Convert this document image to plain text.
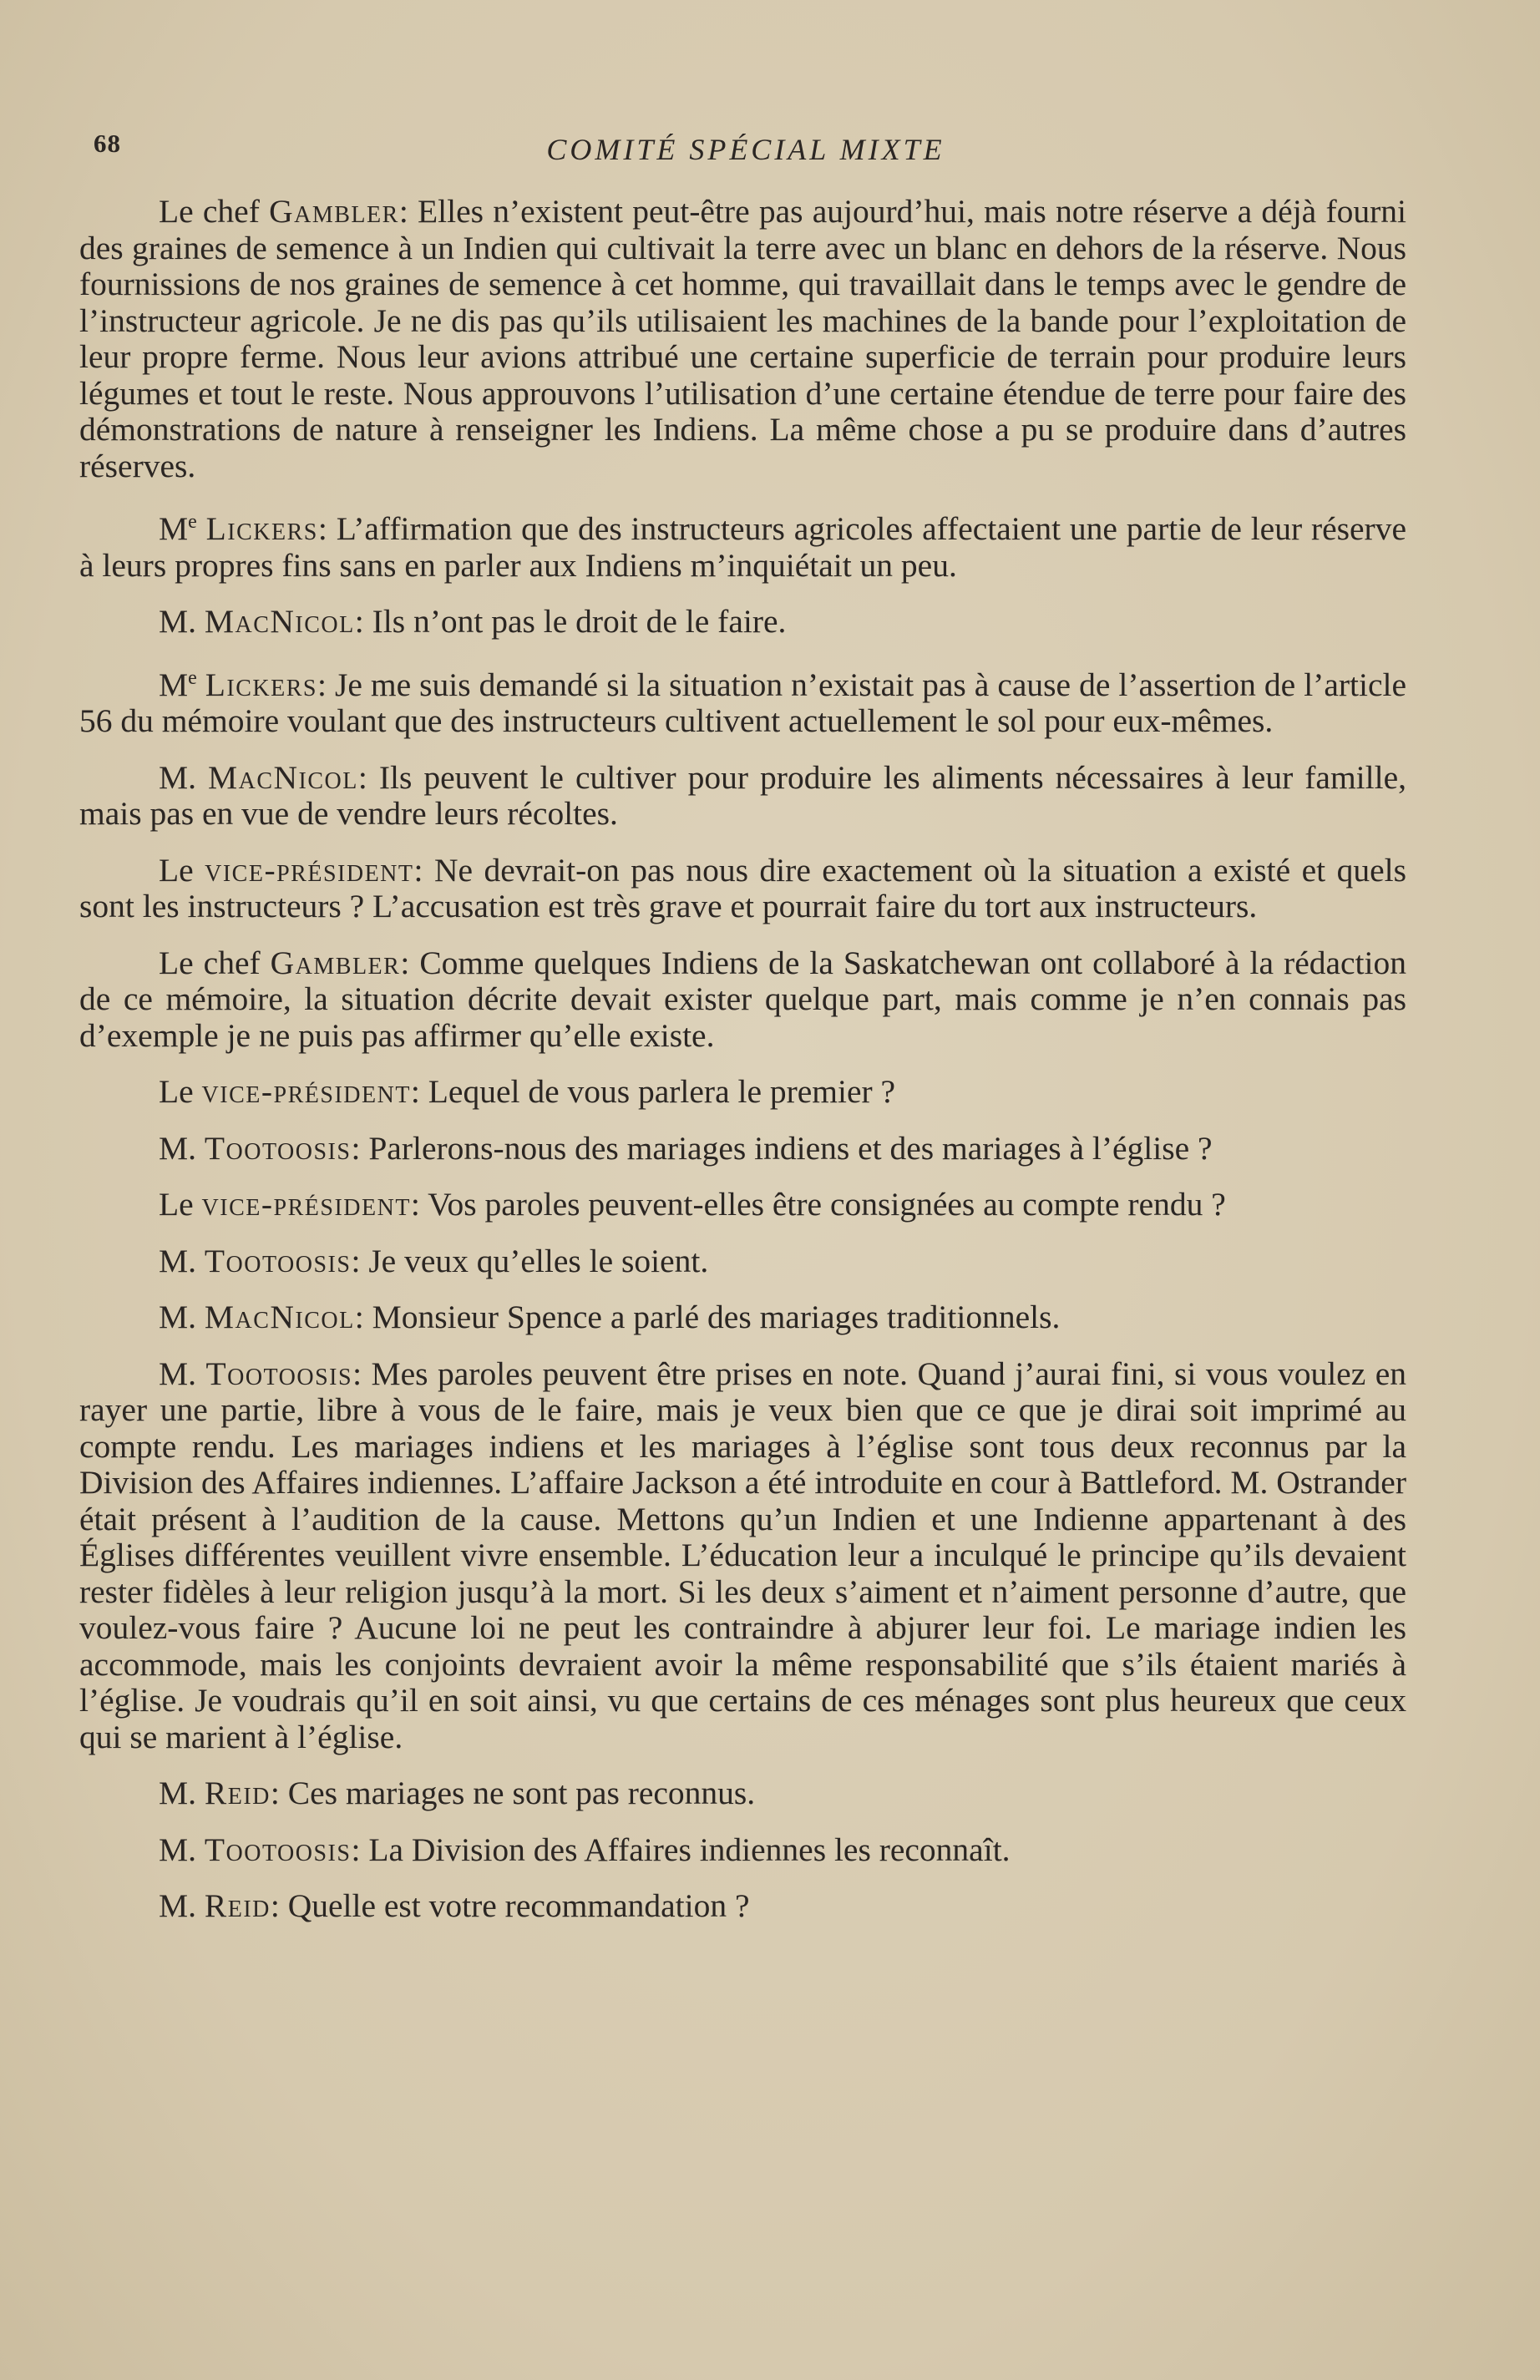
68	COMITÉ SPÉCIAL MIXTE

Le chef Gambler: Elles n’existent peut-être pas aujourd’hui, mais notre réserve a déjà fourni des graines de semence à un Indien qui cultivait la terre avec un blanc en dehors de la réserve. Nous fournissions de nos graines de semence à cet homme, qui travaillait dans le temps avec le gendre de l’instructeur agricole. Je ne dis pas qu’ils utilisaient les machines de la bande pour l’exploitation de leur propre ferme. Nous leur avions attribué une certaine superficie de terrain pour produire leurs légumes et tout le reste. Nous approuvons l’utilisation d’une certaine étendue de terre pour faire des démonstrations de nature à renseigner les Indiens. La même chose a pu se produire dans d’autres réserves.

Me Lickers: L’affirmation que des instructeurs agricoles affectaient une partie de leur réserve à leurs propres fins sans en parler aux Indiens m’inquiétait un peu.

M. MacNicol: Ils n’ont pas le droit de le faire.

Me Lickers: Je me suis demandé si la situation n’existait pas à cause de l’assertion de l’article 56 du mémoire voulant que des instructeurs cultivent actuellement le sol pour eux-mêmes.

M. MacNicol: Ils peuvent le cultiver pour produire les aliments nécessaires à leur famille, mais pas en vue de vendre leurs récoltes.

Le vice-président: Ne devrait-on pas nous dire exactement où la situation a existé et quels sont les instructeurs ? L’accusation est très grave et pourrait faire du tort aux instructeurs.

Le chef Gambler: Comme quelques Indiens de la Saskatchewan ont collaboré à la rédaction de ce mémoire, la situation décrite devait exister quelque part, mais comme je n’en connais pas d’exemple je ne puis pas affirmer qu’elle existe.

Le vice-président: Lequel de vous parlera le premier ?

M. Tootoosis: Parlerons-nous des mariages indiens et des mariages à l’église ?

Le vice-président: Vos paroles peuvent-elles être consignées au compte rendu ?

M. Tootoosis: Je veux qu’elles le soient.

M. MacNicol: Monsieur Spence a parlé des mariages traditionnels.

M. Tootoosis: Mes paroles peuvent être prises en note. Quand j’aurai fini, si vous voulez en rayer une partie, libre à vous de le faire, mais je veux bien que ce que je dirai soit imprimé au compte rendu. Les mariages indiens et les mariages à l’église sont tous deux reconnus par la Division des Affaires indiennes. L’affaire Jackson a été introduite en cour à Battleford. M. Ostrander était présent à l’audition de la cause. Mettons qu’un Indien et une Indienne appartenant à des Églises différentes veuillent vivre ensemble. L’éducation leur a inculqué le principe qu’ils devaient rester fidèles à leur religion jusqu’à la mort. Si les deux s’aiment et n’aiment personne d’autre, que voulez-vous faire ? Aucune loi ne peut les contraindre à abjurer leur foi. Le mariage indien les accommode, mais les conjoints devraient avoir la même responsabilité que s’ils étaient mariés à l’église. Je voudrais qu’il en soit ainsi, vu que certains de ces ménages sont plus heureux que ceux qui se marient à l’église.

M. Reid: Ces mariages ne sont pas reconnus.

M. Tootoosis: La Division des Affaires indiennes les reconnaît.

M. Reid: Quelle est votre recommandation ?
